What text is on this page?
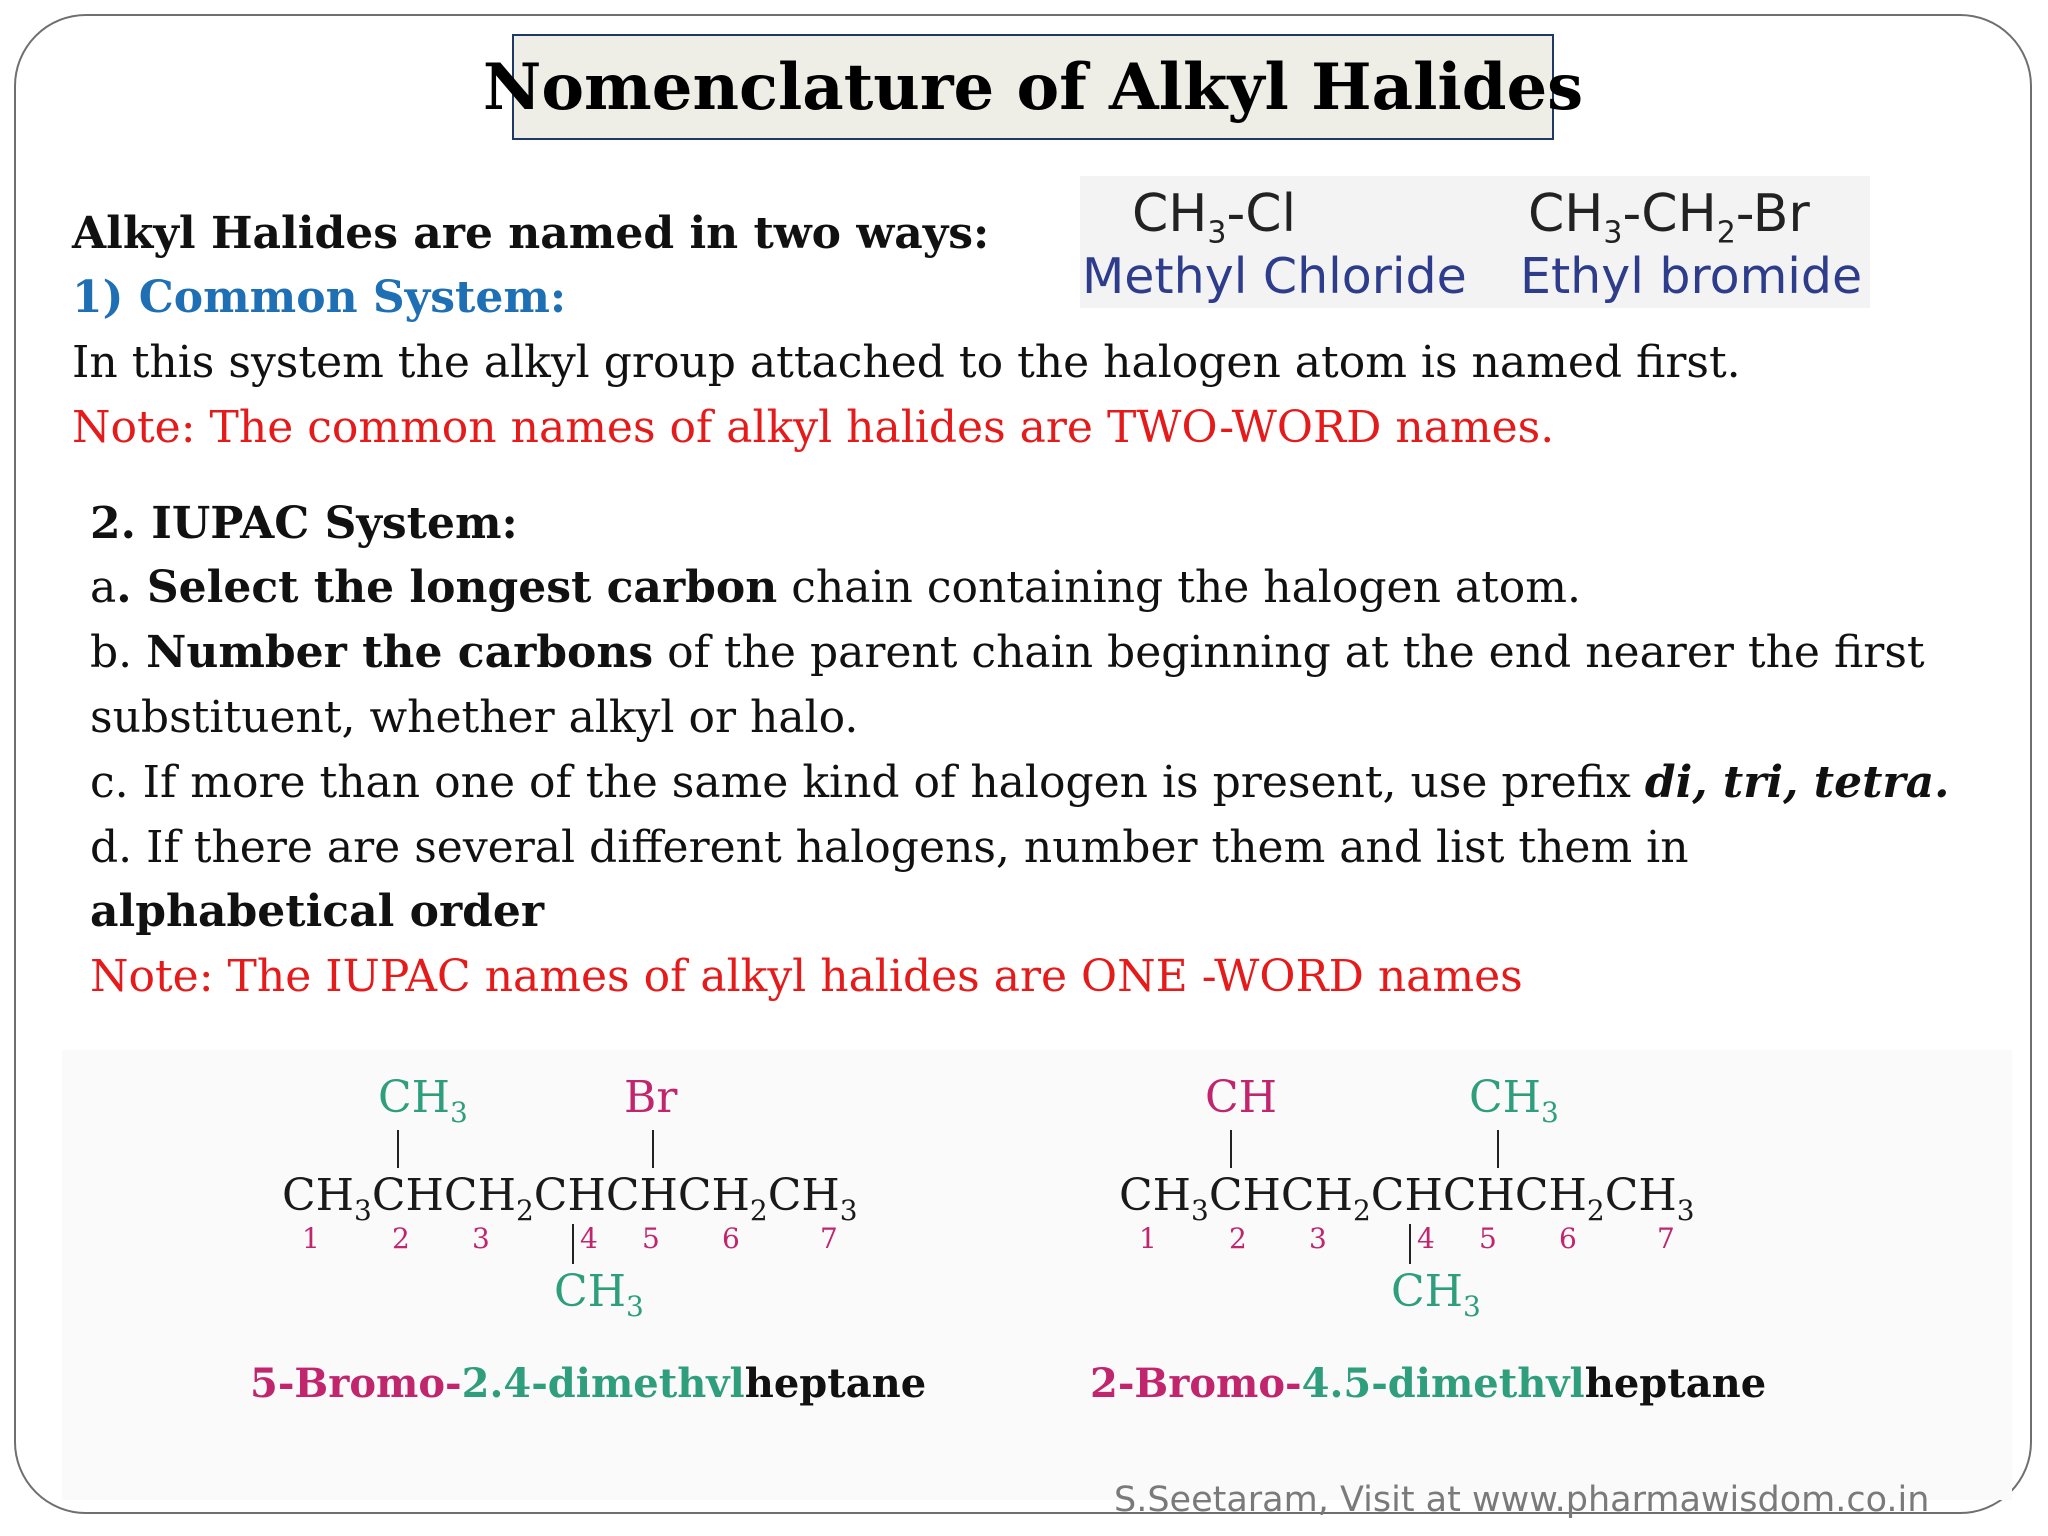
Nomenclature of Alkyl Halides
Alkyl Halides are named in two ways:
1) Common System:
In this system the alkyl group attached to the halogen atom is named first.
Note: The common names of alkyl halides are TWO-WORD names.
$CH_3-Cl$
Methyl Chloride
$CH_3-CH_2-Br$
Ethyl bromide
2. IUPAC System:
a. Select the longest carbon chain containing the halogen atom.
b. Number the carbons of the parent chain beginning at the end nearer the first
substituent, whether alkyl or halo.
c. If more than one of the same kind of halogen is present, use prefix di, tri, tetra.
d. If there are several different halogens, number them and list them in
alphabetical order
Note: The IUPAC names of alkyl halides are ONE -WORD names
$CH_3$	Br
$CH_3CHCH_2CHCHCH_2CH_3$
1	2 3	4 5 6	7
$CH_3$
5-Bromo-2.4-dimethvlheptane
CH	$CH_3$
$CH_3CHCH_2CHCHCH_2CH_3$
1	2 3	4 5 6	7
$CH_3$
2-Bromo-4.5-dimethvlheptane
S.Seetaram, Visit at www.pharmawisdom.co.in
